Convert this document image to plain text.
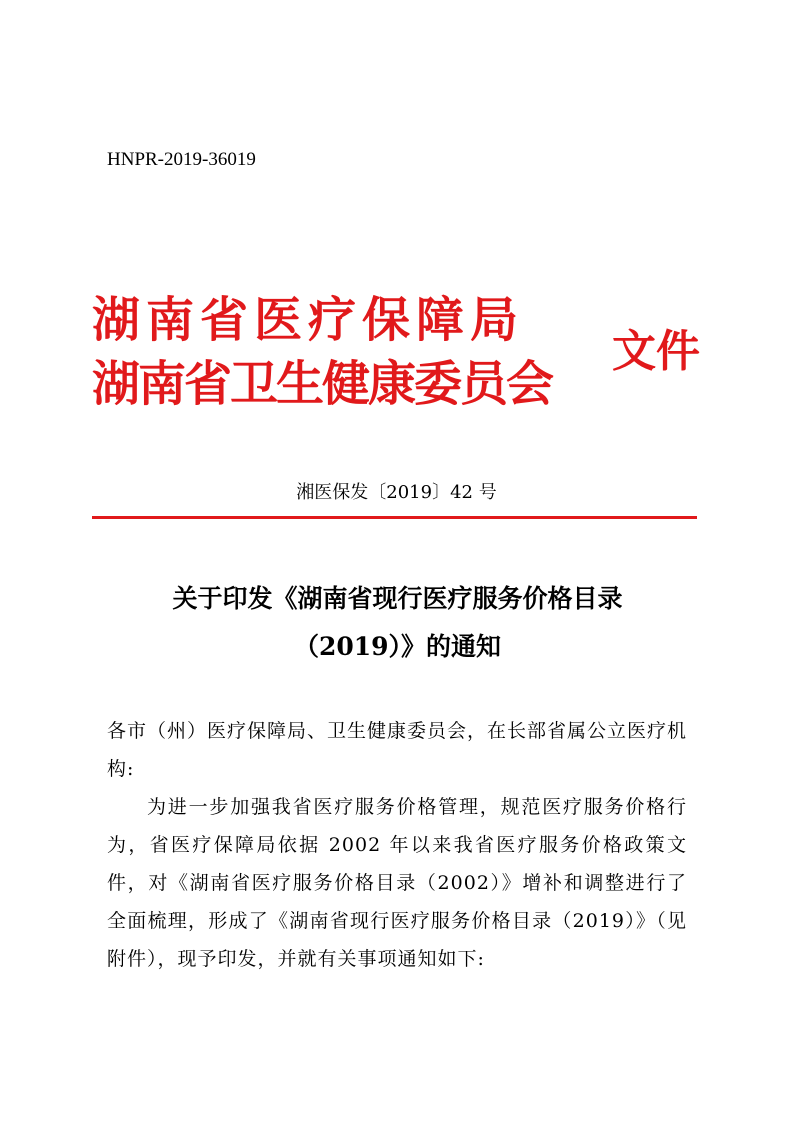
HNPR-2019-36019
湖南省医疗保障局
湖南省卫生健康委员会
文件
湘医保发〔2019〕42 号
关于印发《湖南省现行医疗服务价格目录
（2019）》的通知

各市（州）医疗保障局、卫生健康委员会，在长部省属公立医疗机构:

为进一步加强我省医疗服务价格管理，规范医疗服务价格行为，省医疗保障局依据 2002 年以来我省医疗服务价格政策文件，对《湖南省医疗服务价格目录（2002）》增补和调整进行了全面梳理，形成了《湖南省现行医疗服务价格目录（2019）》（见附件），现予印发，并就有关事项通知如下:
